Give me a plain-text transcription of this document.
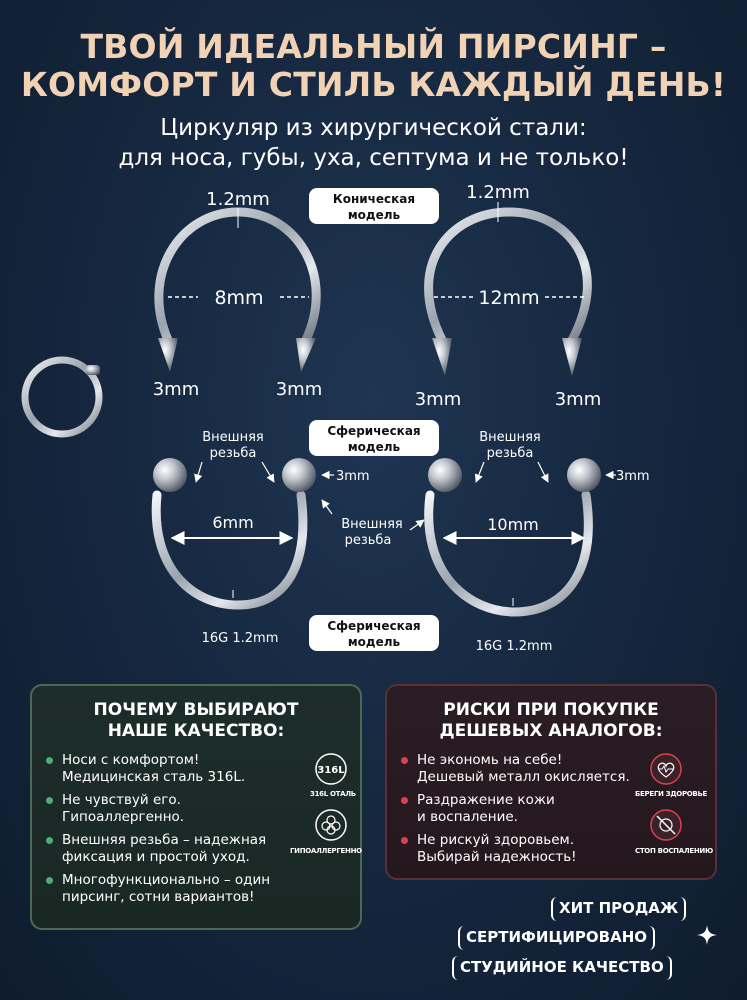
ТВОЙ ИДЕАЛЬНЫЙ ПИРСИНГ –
КОМФОРТ И СТИЛЬ КАЖДЫЙ ДЕНЬ!
Циркуляр из хирургической стали:
для носа, губы, уха, септума и не только!
Коническая
модель
1.2mm
8mm
3mm	3mm
1.2mm
12mm
3mm	3mm
Сферическая
модель
Внешняя
резьба
3mm
6mm
16G 1.2mm
Внешняя
резьба
Внешняя
резьба
3mm
10mm
16G 1.2mm
Сферическая
модель
ПОЧЕМУ ВЫБИРАЮТ
НАШЕ КАЧЕСТВО:
Носи с комфортом!
Медицинская сталь 316L.
Не чувствуй его.
Гипоаллергенно.
Внешняя резьба – надежная
фиксация и простой уход.
Многофункционально – один
пирсинг, сотни вариантов!
316L
316L ОТАЛЬ
ГИПОАЛЛЕРГЕННО
РИСКИ ПРИ ПОКУПКЕ
ДЕШЕВЫХ АНАЛОГОВ:
Не экономь на себе!
Дешевый металл окисляется.
Раздражение кожи
и воспаление.
Не рискуй здоровьем.
Выбирай надежность!
БЕРЕГИ ЗДОРОВЬЕ
СТОП ВОСПАЛЕНИЮ
ХИТ ПРОДАЖ
СЕРТИФИЦИРОВАНО
СТУДИЙНОЕ КАЧЕСТВО
